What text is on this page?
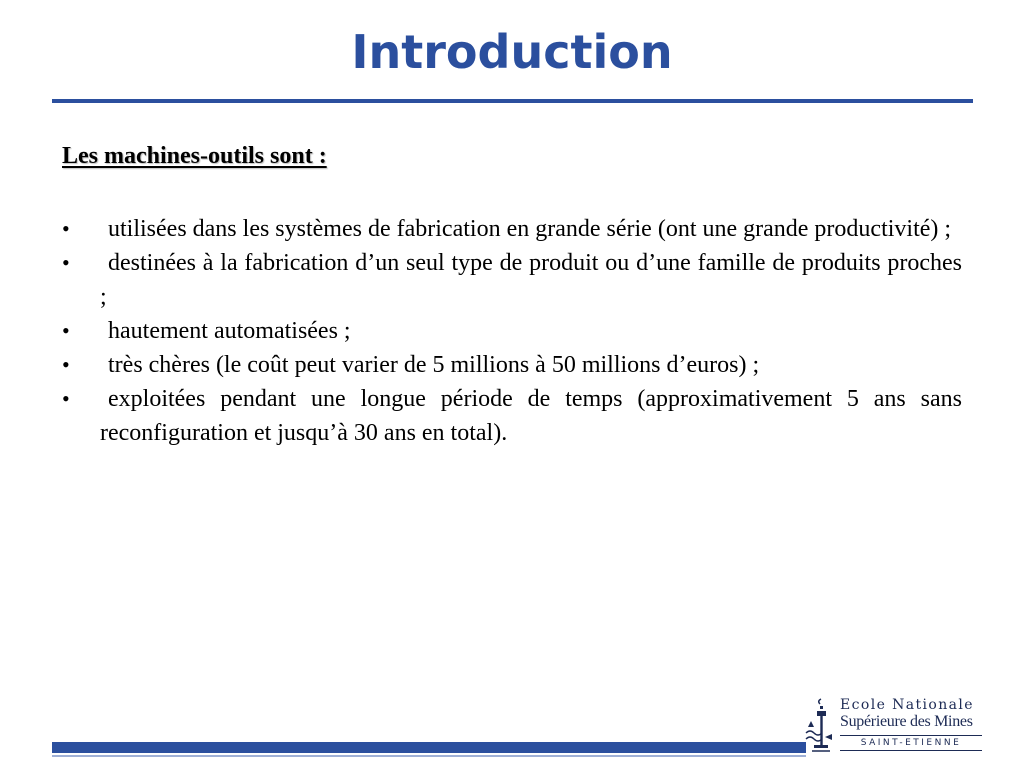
Introduction

Les machines-outils sont :

•	utilisées dans les systèmes de fabrication en grande série (ont une grande productivité) ;
•	destinées à la fabrication d’un seul type de produit ou d’une famille de produits proches ;
•	hautement automatisées ;
•	très chères (le coût peut varier de 5 millions à 50 millions d’euros) ;
•	exploitées pendant une longue période de temps (approximativement 5 ans sans reconfiguration et jusqu’à 30 ans en total).
Ecole Nationale
Supérieure des Mines
SAINT-ETIENNE
